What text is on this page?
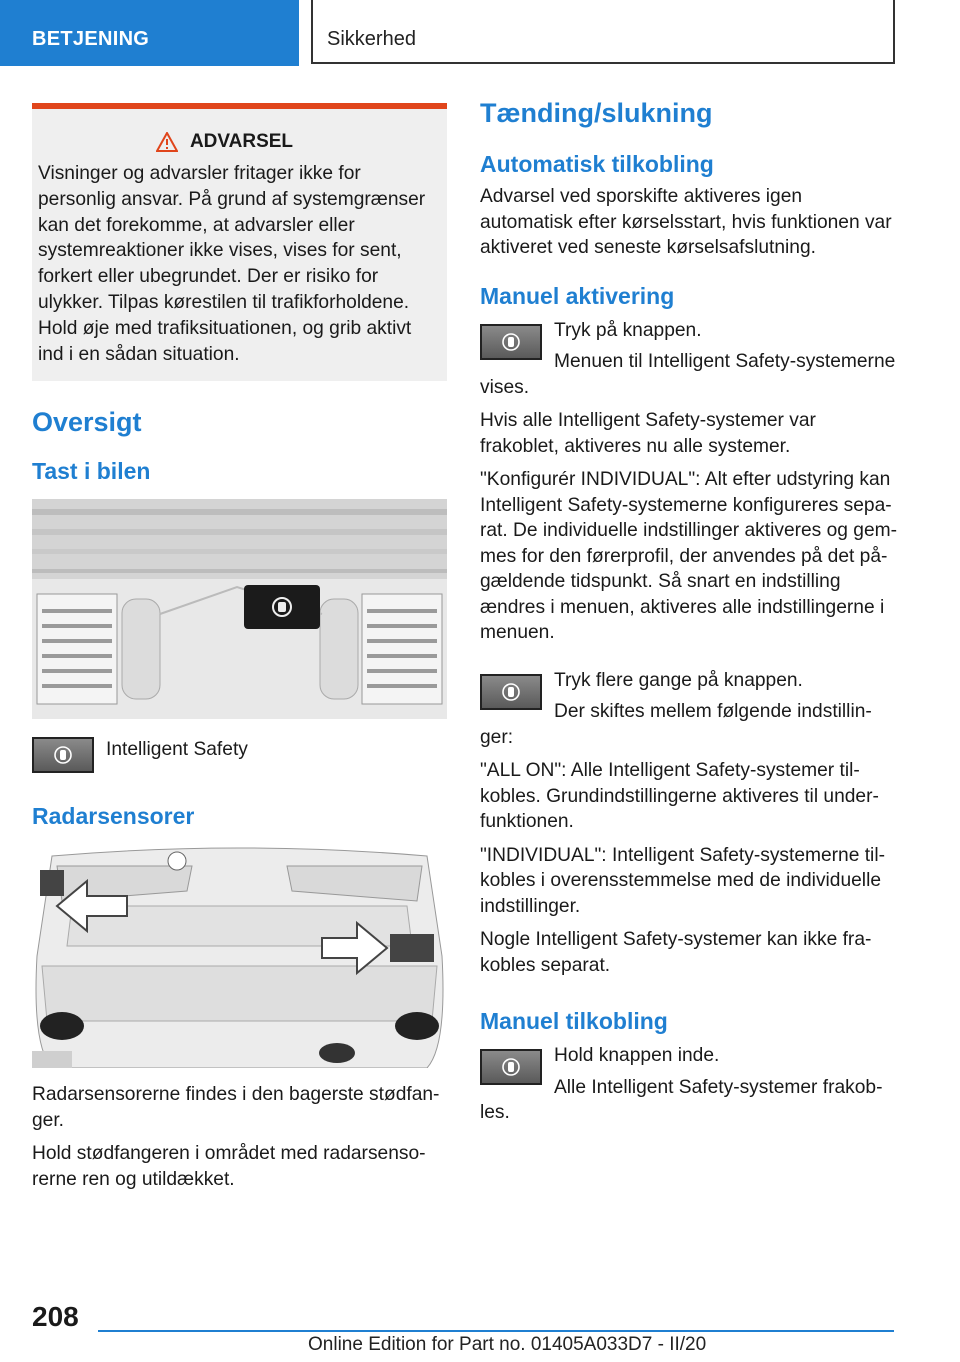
BETJENING	Sikkerhed
ADVARSEL

Visninger og advarsler fritager ikke for personlig ansvar. På grund af systemgrænser kan det forekomme, at advarsler eller systemreaktioner ikke vises, vises for sent, forkert eller ubegrundet. Der er risiko for ulykker. Tilpas kørestilen til trafikforholdene. Hold øje med trafiksituationen, og grib aktivt ind i en sådan situation.

Oversigt
Tast i bilen

Intelligent Safety

Radarsensorer

Radarsensorerne findes i den bagerste stødfanger.

Hold stødfangeren i området med radarsensorerne ren og utildækket.

Tænding/slukning
Automatisk tilkobling

Advarsel ved sporskifte aktiveres igen automatisk efter kørselsstart, hvis funktionen var aktiveret ved seneste kørselsafslutning.

Manuel aktivering

Tryk på knappen.

Menuen til Intelligent Safety-systemerne vises.

Hvis alle Intelligent Safety-systemer var frakoblet, aktiveres nu alle systemer.

"Konfigurér INDIVIDUAL": Alt efter udstyring kan Intelligent Safety-systemerne konfigureres separat. De individuelle indstillinger aktiveres og gemmes for den førerprofil, der anvendes på det pågældende tidspunkt. Så snart en indstilling ændres i menuen, aktiveres alle indstillingerne i menuen.

Tryk flere gange på knappen.

Der skiftes mellem følgende indstillinger:

"ALL ON": Alle Intelligent Safety-systemer tilkobles. Grundindstillingerne aktiveres til underfunktionen.

"INDIVIDUAL": Intelligent Safety-systemerne tilkobles i overensstemmelse med de individuelle indstillinger.

Nogle Intelligent Safety-systemer kan ikke frakobles separat.

Manuel tilkobling

Hold knappen inde.

Alle Intelligent Safety-systemer frakobles.

208
Online Edition for Part no. 01405A033D7 - II/20
